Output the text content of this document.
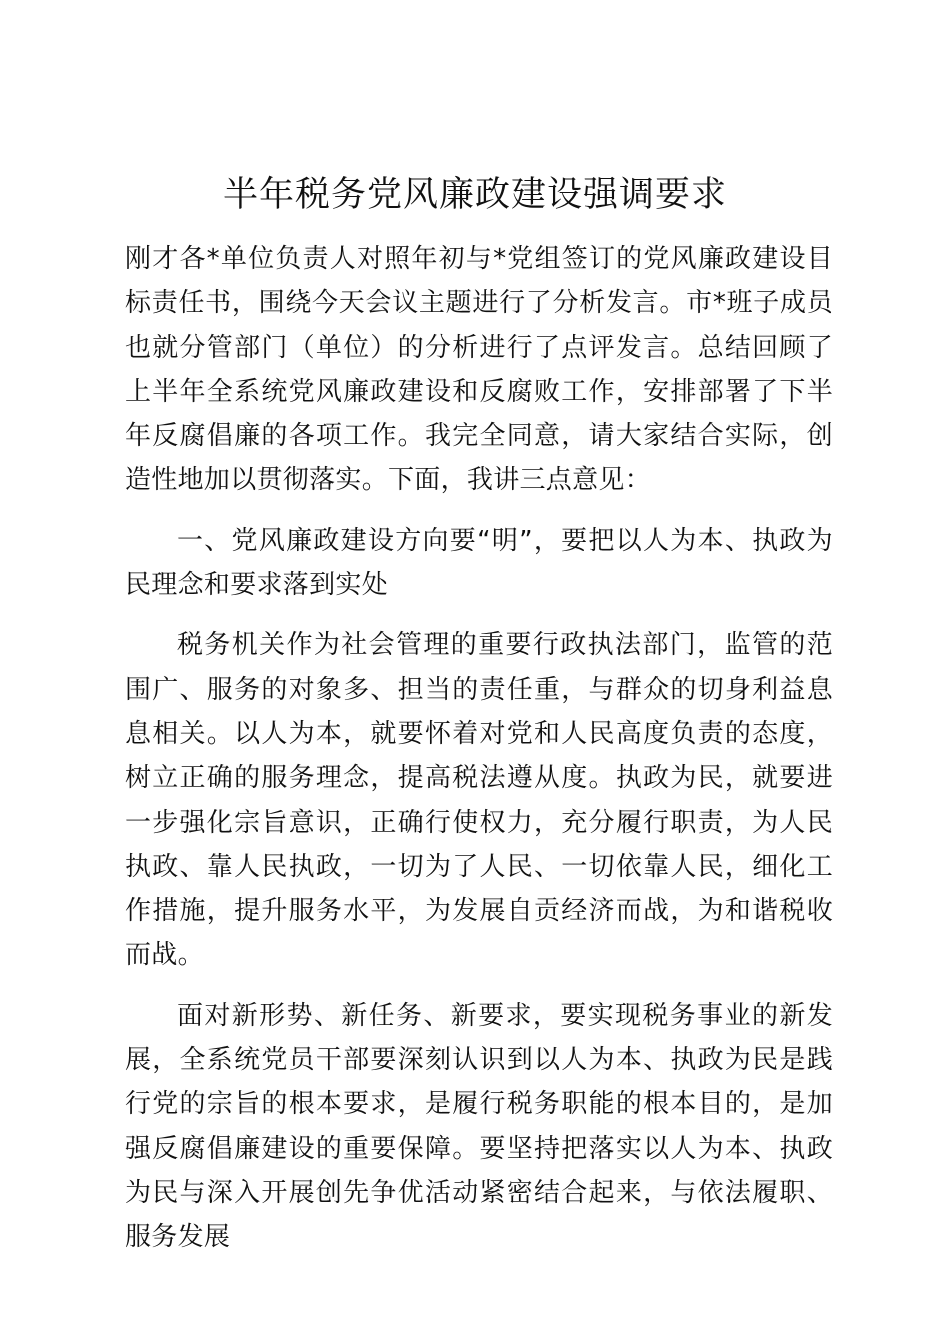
半年税务党风廉政建设强调要求

刚才各*单位负责人对照年初与*党组签订的党风廉政建设目标责任书，围绕今天会议主题进行了分析发言。市*班子成员也就分管部门（单位）的分析进行了点评发言。总结回顾了上半年全系统党风廉政建设和反腐败工作，安排部署了下半年反腐倡廉的各项工作。我完全同意，请大家结合实际，创造性地加以贯彻落实。下面，我讲三点意见：

一、党风廉政建设方向要“明”，要把以人为本、执政为民理念和要求落到实处

税务机关作为社会管理的重要行政执法部门，监管的范围广、服务的对象多、担当的责任重，与群众的切身利益息息相关。以人为本，就要怀着对党和人民高度负责的态度，树立正确的服务理念，提高税法遵从度。执政为民，就要进一步强化宗旨意识，正确行使权力，充分履行职责，为人民执政、靠人民执政，一切为了人民、一切依靠人民，细化工作措施，提升服务水平，为发展自贡经济而战，为和谐税收而战。

面对新形势、新任务、新要求，要实现税务事业的新发展，全系统党员干部要深刻认识到以人为本、执政为民是践行党的宗旨的根本要求，是履行税务职能的根本目的，是加强反腐倡廉建设的重要保障。要坚持把落实以人为本、执政为民与深入开展创先争优活动紧密结合起来，与依法履职、服务发展
